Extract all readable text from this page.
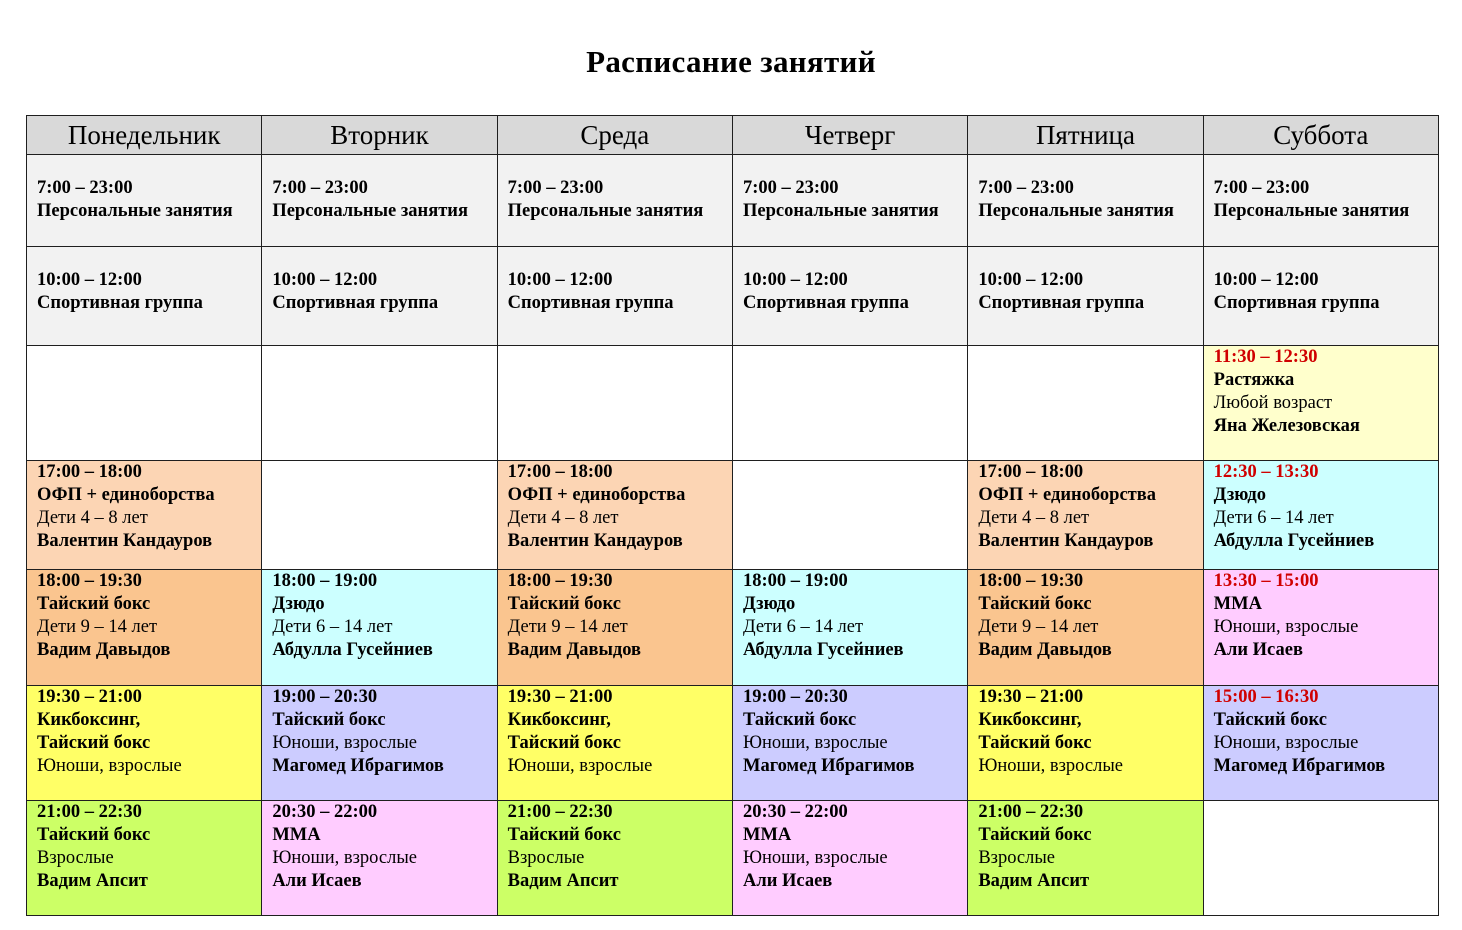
Расписание занятий
Понедельник	Вторник	Среда	Четверг	Пятница	Суббота

7:00 – 23:00
Персональные занятия	7:00 – 23:00
Персональные занятия	7:00 – 23:00
Персональные занятия	7:00 – 23:00
Персональные занятия	7:00 – 23:00
Персональные занятия	7:00 – 23:00
Персональные занятия

10:00 – 12:00
Спортивная группа	10:00 – 12:00
Спортивная группа	10:00 – 12:00
Спортивная группа	10:00 – 12:00
Спортивная группа	10:00 – 12:00
Спортивная группа	10:00 – 12:00
Спортивная группа

					11:30 – 12:30
Растяжка
Любой возраст
Яна Железовская

17:00 – 18:00
ОФП + единоборства
Дети 4 – 8 лет
Валентин Кандауров		17:00 – 18:00
ОФП + единоборства
Дети 4 – 8 лет
Валентин Кандауров		17:00 – 18:00
ОФП + единоборства
Дети 4 – 8 лет
Валентин Кандауров	12:30 – 13:30
Дзюдо
Дети 6 – 14 лет
Абдулла Гусейниев

18:00 – 19:30
Тайский бокс
Дети 9 – 14 лет
Вадим Давыдов	18:00 – 19:00
Дзюдо
Дети 6 – 14 лет
Абдулла Гусейниев	18:00 – 19:30
Тайский бокс
Дети 9 – 14 лет
Вадим Давыдов	18:00 – 19:00
Дзюдо
Дети 6 – 14 лет
Абдулла Гусейниев	18:00 – 19:30
Тайский бокс
Дети 9 – 14 лет
Вадим Давыдов	13:30 – 15:00
ММА
Юноши, взрослые
Али Исаев

19:30 – 21:00
Кикбоксинг,
Тайский бокс
Юноши, взрослые	19:00 – 20:30
Тайский бокс
Юноши, взрослые
Магомед Ибрагимов	19:30 – 21:00
Кикбоксинг,
Тайский бокс
Юноши, взрослые	19:00 – 20:30
Тайский бокс
Юноши, взрослые
Магомед Ибрагимов	19:30 – 21:00
Кикбоксинг,
Тайский бокс
Юноши, взрослые	15:00 – 16:30
Тайский бокс
Юноши, взрослые
Магомед Ибрагимов

21:00 – 22:30
Тайский бокс
Взрослые
Вадим Апсит	20:30 – 22:00
ММА
Юноши, взрослые
Али Исаев	21:00 – 22:30
Тайский бокс
Взрослые
Вадим Апсит	20:30 – 22:00
ММА
Юноши, взрослые
Али Исаев	21:00 – 22:30
Тайский бокс
Взрослые
Вадим Апсит	
